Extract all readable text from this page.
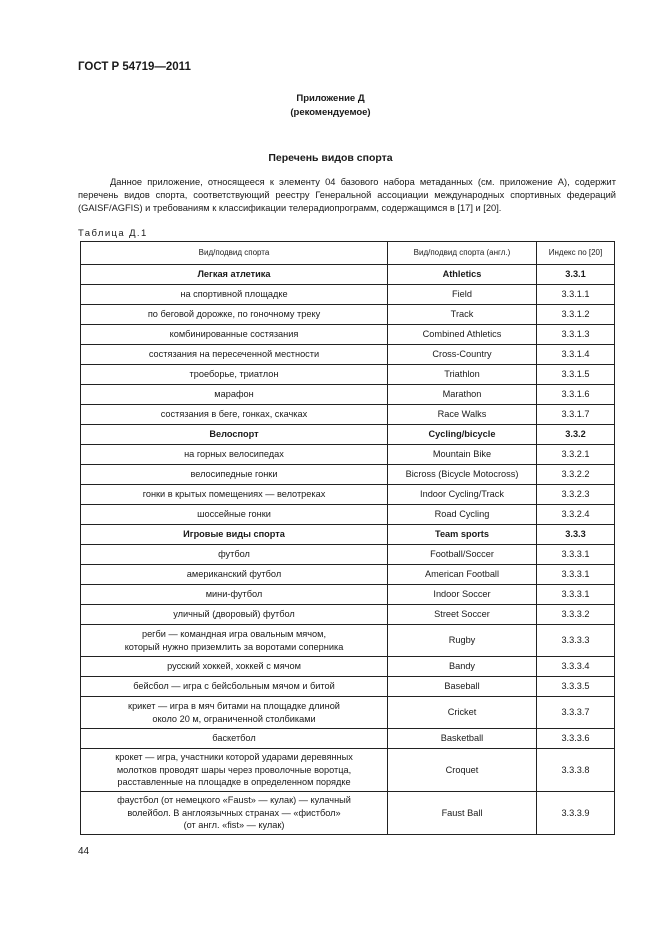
ГОСТ Р 54719—2011
Приложение Д
(рекомендуемое)
Перечень видов спорта
Данное приложение, относящееся к элементу 04 базового набора метаданных (см. приложение А), содержит перечень видов спорта, соответствующий реестру Генеральной ассоциации международных спортивных федераций (GAISF/AGFIS) и требованиям к классификации телерадиопрограмм, содержащимся в [17] и [20].
Таблица Д.1
Вид/подвид спорта	Вид/подвид спорта (англ.)	Индекс по [20]
Легкая атлетика	Athletics	3.3.1
на спортивной площадке	Field	3.3.1.1
по беговой дорожке, по гоночному треку	Track	3.3.1.2
комбинированные состязания	Combined Athletics	3.3.1.3
состязания на пересеченной местности	Cross-Country	3.3.1.4
троеборье, триатлон	Triathlon	3.3.1.5
марафон	Marathon	3.3.1.6
состязания в беге, гонках, скачках	Race Walks	3.3.1.7
Велоспорт	Cycling/bicycle	3.3.2
на горных велосипедах	Mountain Bike	3.3.2.1
велосипедные гонки	Bicross (Bicycle Motocross)	3.3.2.2
гонки в крытых помещениях — велотреках	Indoor Cycling/Track	3.3.2.3
шоссейные гонки	Road Cycling	3.3.2.4
Игровые виды спорта	Team sports	3.3.3
футбол	Football/Soccer	3.3.3.1
американский футбол	American Football	3.3.3.1
мини-футбол	Indoor Soccer	3.3.3.1
уличный (дворовый) футбол	Street Soccer	3.3.3.2
регби — командная игра овальным мячом,
который нужно приземлить за воротами соперника	Rugby	3.3.3.3
русский хоккей, хоккей с мячом	Bandy	3.3.3.4
бейсбол — игра с бейсбольным мячом и битой	Baseball	3.3.3.5
крикет — игра в мяч битами на площадке длиной
около 20 м, ограниченной столбиками	Cricket	3.3.3.7
баскетбол	Basketball	3.3.3.6
крокет — игра, участники которой ударами деревянных
молотков проводят шары через проволочные воротца,
расставленные на площадке в определенном порядке	Croquet	3.3.3.8
фаустбол (от немецкого «Faust» — кулак) — кулачный
волейбол. В англоязычных странах — «фистбол»
(от англ. «fist» — кулак)	Faust Ball	3.3.3.9
44
